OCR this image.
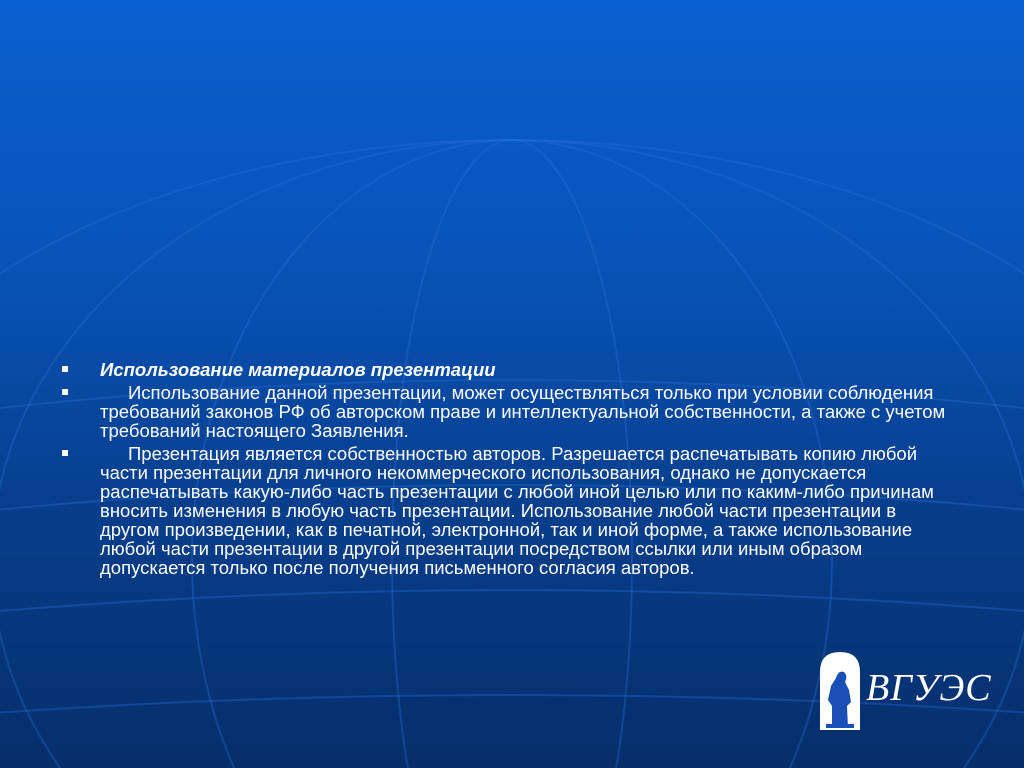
Использование материалов презентации
Использование данной презентации, может осуществляться только при условии соблюдения требований законов РФ об авторском праве и интеллектуальной собственности, а также с учетом требований настоящего Заявления.
Презентация является собственностью авторов. Разрешается распечатывать копию любой части презентации для личного некоммерческого использования, однако не допускается распечатывать какую-либо часть презентации с любой иной целью или по каким-либо причинам вносить изменения в любую часть презентации. Использование любой части презентации в другом произведении, как в печатной, электронной, так и иной форме, а также использование любой части презентации в другой презентации посредством ссылки или иным образом допускается только после получения письменного согласия авторов.
ВГУЭС
